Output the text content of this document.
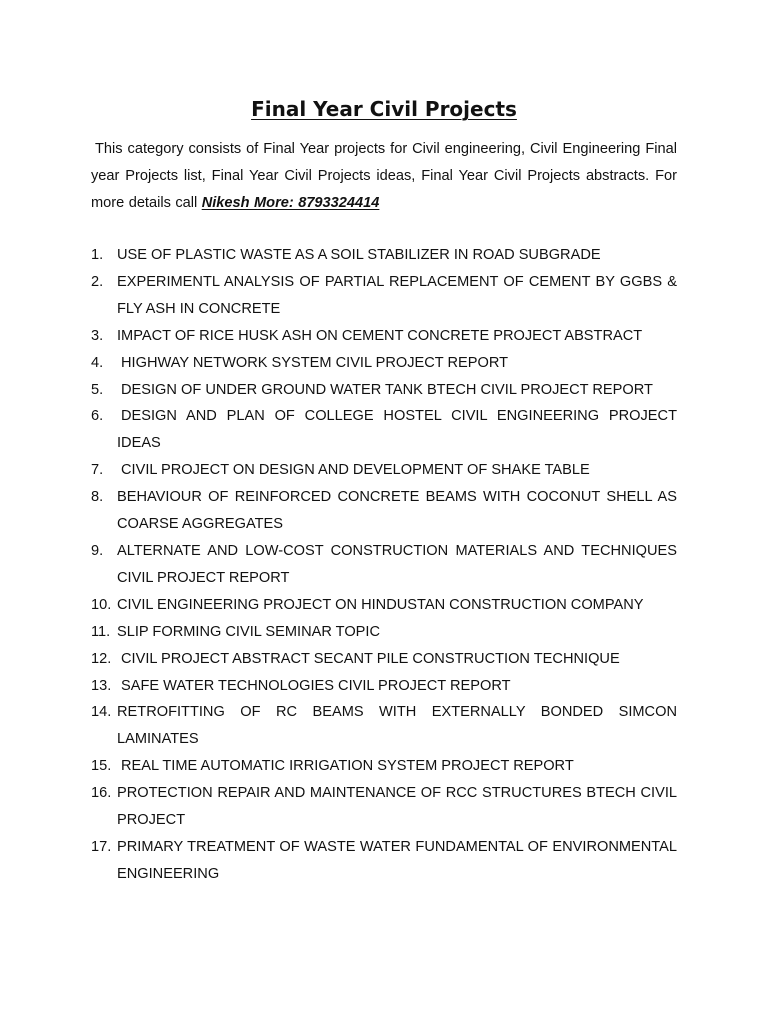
Final Year Civil Projects
This category consists of Final Year projects for Civil engineering, Civil Engineering Final year Projects list, Final Year Civil Projects ideas, Final Year Civil Projects abstracts. For more details call Nikesh More: 8793324414
1. USE OF PLASTIC WASTE AS A SOIL STABILIZER IN ROAD SUBGRADE
2. EXPERIMENTL ANALYSIS OF PARTIAL REPLACEMENT OF CEMENT BY GGBS & FLY ASH IN CONCRETE
3. IMPACT OF RICE HUSK ASH ON CEMENT CONCRETE PROJECT ABSTRACT
4. HIGHWAY NETWORK SYSTEM CIVIL PROJECT REPORT
5. DESIGN OF UNDER GROUND WATER TANK BTECH CIVIL PROJECT REPORT
6. DESIGN AND PLAN OF COLLEGE HOSTEL CIVIL ENGINEERING PROJECT IDEAS
7. CIVIL PROJECT ON DESIGN AND DEVELOPMENT OF SHAKE TABLE
8. BEHAVIOUR OF REINFORCED CONCRETE BEAMS WITH COCONUT SHELL AS COARSE AGGREGATES
9. ALTERNATE AND LOW-COST CONSTRUCTION MATERIALS AND TECHNIQUES CIVIL PROJECT REPORT
10. CIVIL ENGINEERING PROJECT ON HINDUSTAN CONSTRUCTION COMPANY
11. SLIP FORMING CIVIL SEMINAR TOPIC
12. CIVIL PROJECT ABSTRACT SECANT PILE CONSTRUCTION TECHNIQUE
13. SAFE WATER TECHNOLOGIES CIVIL PROJECT REPORT
14. RETROFITTING OF RC BEAMS WITH EXTERNALLY BONDED SIMCON LAMINATES
15. REAL TIME AUTOMATIC IRRIGATION SYSTEM PROJECT REPORT
16. PROTECTION REPAIR AND MAINTENANCE OF RCC STRUCTURES BTECH CIVIL PROJECT
17. PRIMARY TREATMENT OF WASTE WATER FUNDAMENTAL OF ENVIRONMENTAL ENGINEERING
